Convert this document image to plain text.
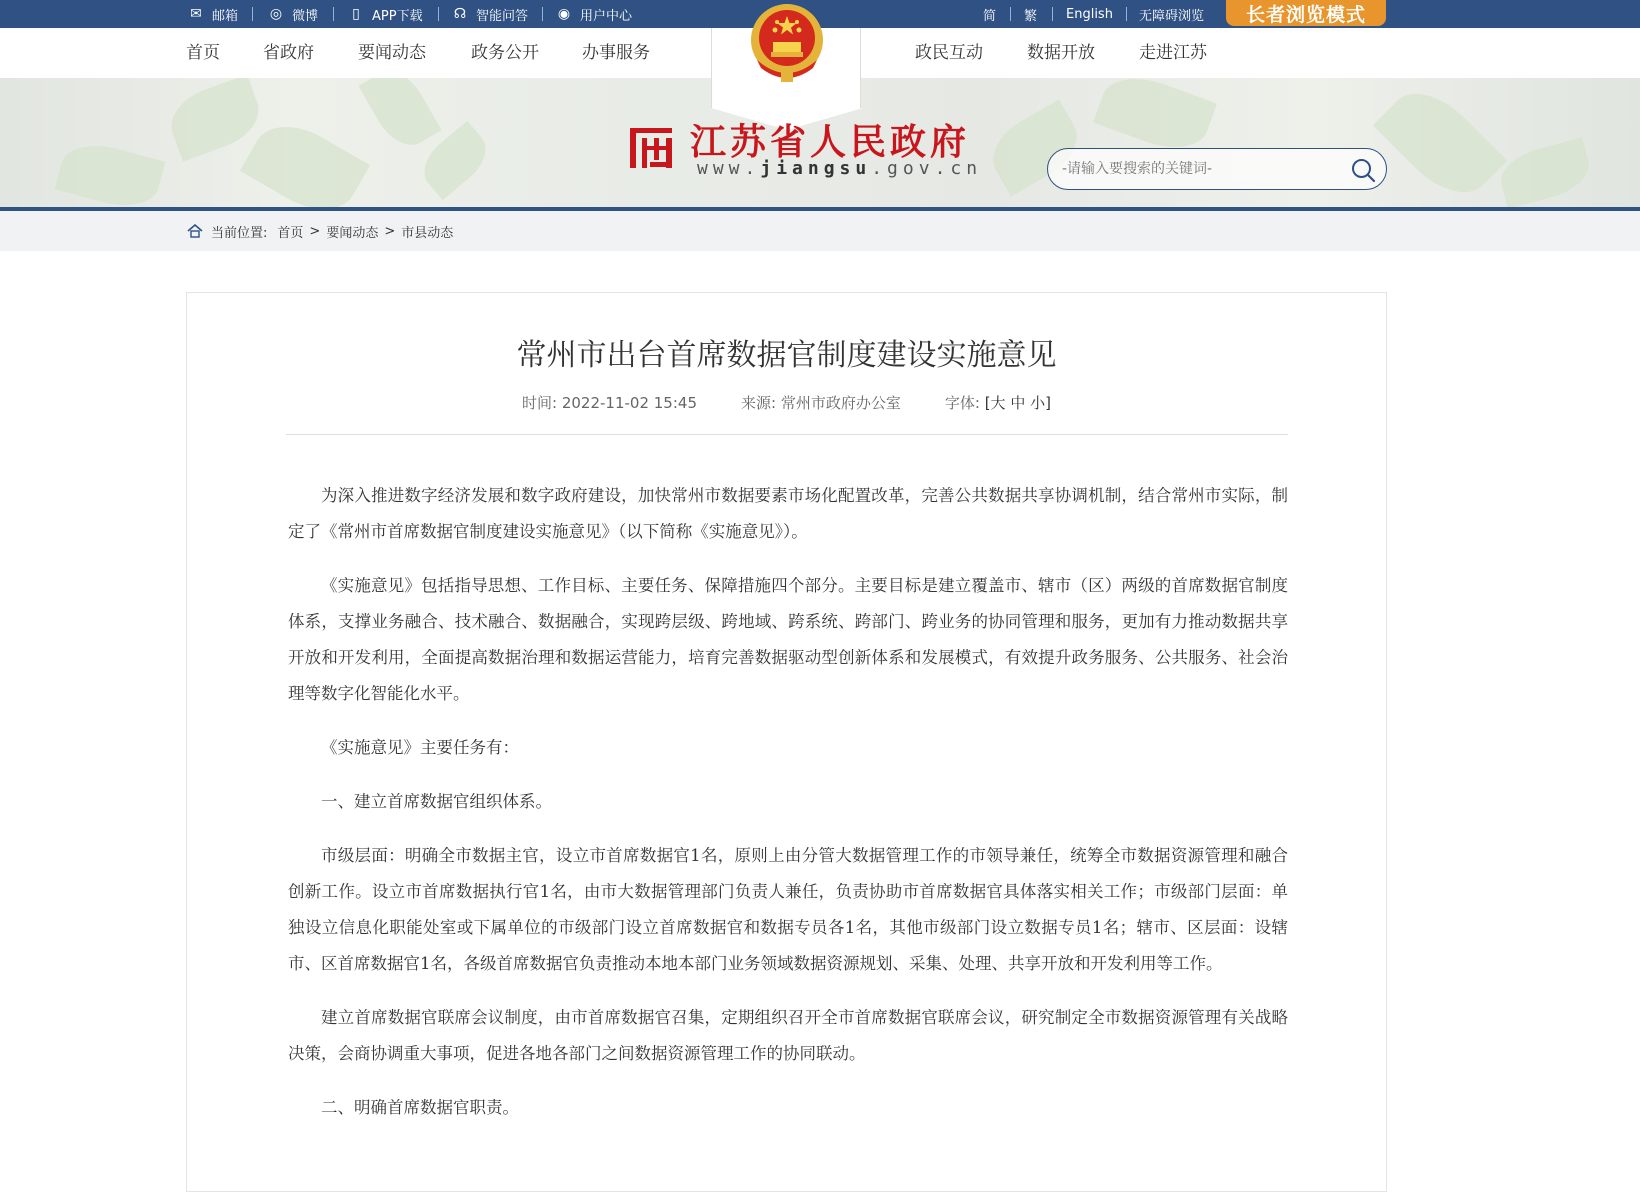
✉ 邮箱 ◎ 微博	▯ APP下载 ☊ 智能问答 ◉ 用户中心	简 繁 English 无障碍浏览	长者浏览模式
首页	省政府	要闻动态	政务公开	办事服务	政民互动	数据开放	走进江苏
江苏省人民政府
www.jiangsu.gov.cn
-请输入要搜索的关键词-
当前位置: 首页 > 要闻动态 > 市县动态
常州市出台首席数据官制度建设实施意见
时间: 2022-11-02 15:45	来源: 常州市政府办公室	字体: [大 中 小]

为深入推进数字经济发展和数字政府建设，加快常州市数据要素市场化配置改革，完善公共数据共享协调机制，结合常州市实际，制定了《常州市首席数据官制度建设实施意见》（以下简称《实施意见》）。

《实施意见》包括指导思想、工作目标、主要任务、保障措施四个部分。主要目标是建立覆盖市、辖市（区）两级的首席数据官制度体系，支撑业务融合、技术融合、数据融合，实现跨层级、跨地域、跨系统、跨部门、跨业务的协同管理和服务，更加有力推动数据共享开放和开发利用，全面提高数据治理和数据运营能力，培育完善数据驱动型创新体系和发展模式，有效提升政务服务、公共服务、社会治理等数字化智能化水平。

《实施意见》主要任务有：

一、建立首席数据官组织体系。

市级层面：明确全市数据主官，设立市首席数据官1名，原则上由分管大数据管理工作的市领导兼任，统筹全市数据资源管理和融合创新工作。设立市首席数据执行官1名，由市大数据管理部门负责人兼任，负责协助市首席数据官具体落实相关工作；市级部门层面：单独设立信息化职能处室或下属单位的市级部门设立首席数据官和数据专员各1名，其他市级部门设立数据专员1名；辖市、区层面：设辖市、区首席数据官1名，各级首席数据官负责推动本地本部门业务领域数据资源规划、采集、处理、共享开放和开发利用等工作。

建立首席数据官联席会议制度，由市首席数据官召集，定期组织召开全市首席数据官联席会议，研究制定全市数据资源管理有关战略决策，会商协调重大事项，促进各地各部门之间数据资源管理工作的协同联动。

二、明确首席数据官职责。
